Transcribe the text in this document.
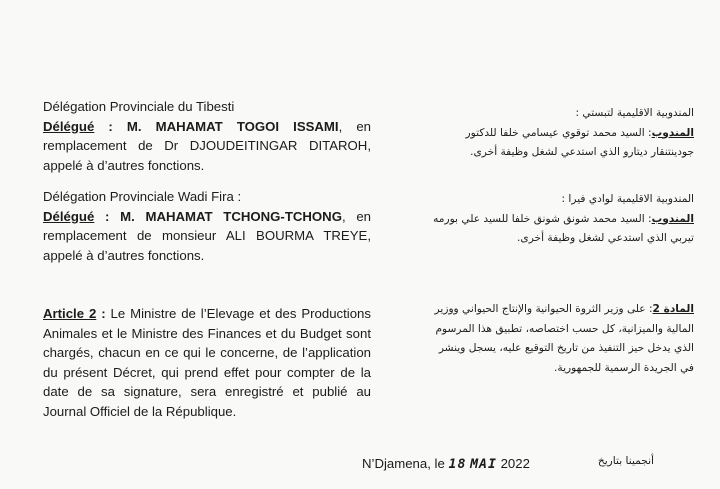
Délégation Provinciale du Tibesti

Délégué : M. MAHAMAT TOGOI ISSAMI, en remplacement de Dr DJOUDEITINGAR DITAROH, appelé à d’autres fonctions.

Délégation Provinciale Wadi Fira :

Délégué : M. MAHAMAT TCHONG-TCHONG, en remplacement de monsieur ALI BOURMA TREYE, appelé à d’autres fonctions.

Article 2 : Le Ministre de l’Elevage et des Productions Animales et le Ministre des Finances et du Budget sont chargés, chacun en ce qui le concerne, de l’application du présent Décret, qui prend effet pour compter de la date de sa signature, sera enregistré et publié au Journal Officiel de la République.

N’Djamena, le 18 MAI 2022

المندوبية الاقليمية لتبستي :

المندوب: السيد محمد توقوي عيسامي خلفا للدكتور

جودينتنقار ديتارو الذي استدعي لشغل وظيفة أخرى.

المندوبية الاقليمية لوادي فيرا :

المندوب: السيد محمد شونق شونق خلفا للسيد علي بورمه

تيربي الذي استدعي لشغل وظيفة أخرى.

المادة 2: على وزير الثروة الحيوانية والإنتاج الحيواني ووزير

المالية والميزانية، كل حسب اختصاصه، تطبيق هذا المرسوم

الذي يدخل حيز التنفيذ من تاريخ التوقيع عليه، يسجل وينشر

في الجريدة الرسمية للجمهورية.

أنجمينا بتاريخ
